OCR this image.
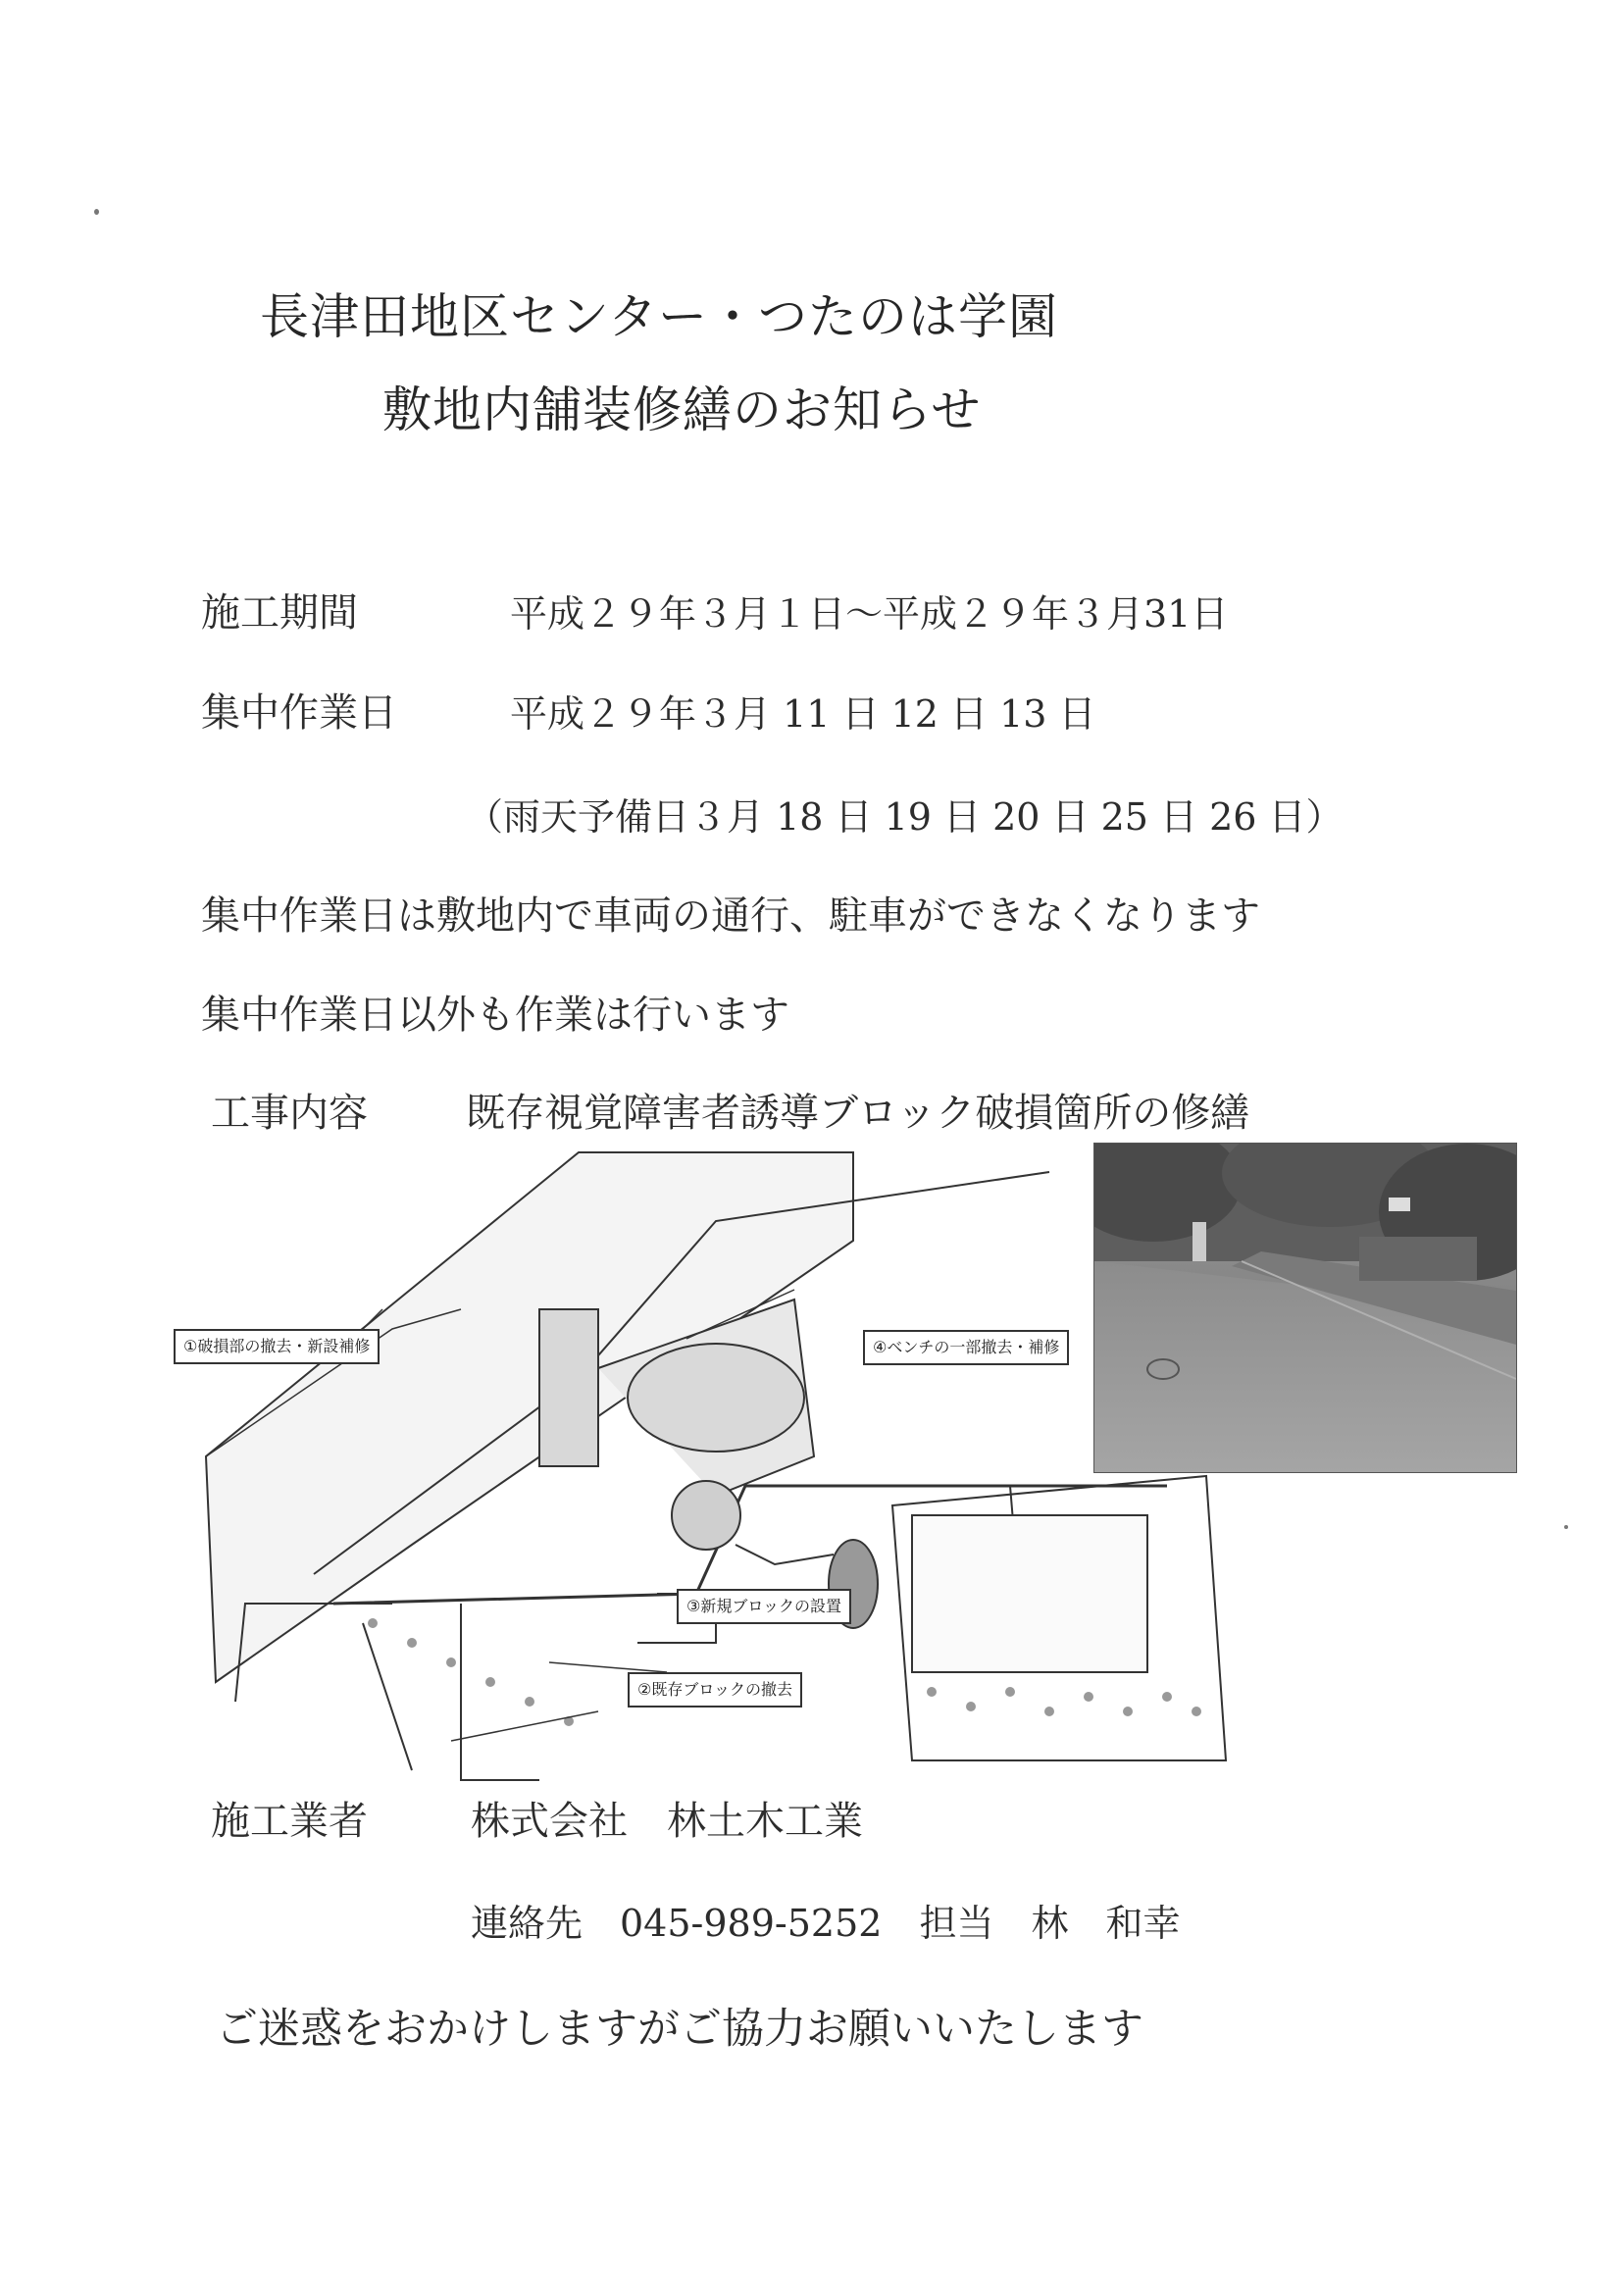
長津田地区センター・つたのは学園
敷地内舗装修繕のお知らせ
施工期間	平成２９年３月１日～平成２９年３月31日
集中作業日	平成２９年３月 11 日 12 日 13 日
（雨天予備日３月 18 日 19 日 20 日 25 日 26 日）
集中作業日は敷地内で車両の通行、駐車ができなくなります
集中作業日以外も作業は行います
工事内容	既存視覚障害者誘導ブロック破損箇所の修繕
①破損部の撤去・新設補修
②既存ブロックの撤去
③新規ブロックの設置
④ベンチの一部撤去・補修
施工業者	株式会社　林土木工業
連絡先　045-989-5252　担当　林　和幸
ご迷惑をおかけしますがご協力お願いいたします
